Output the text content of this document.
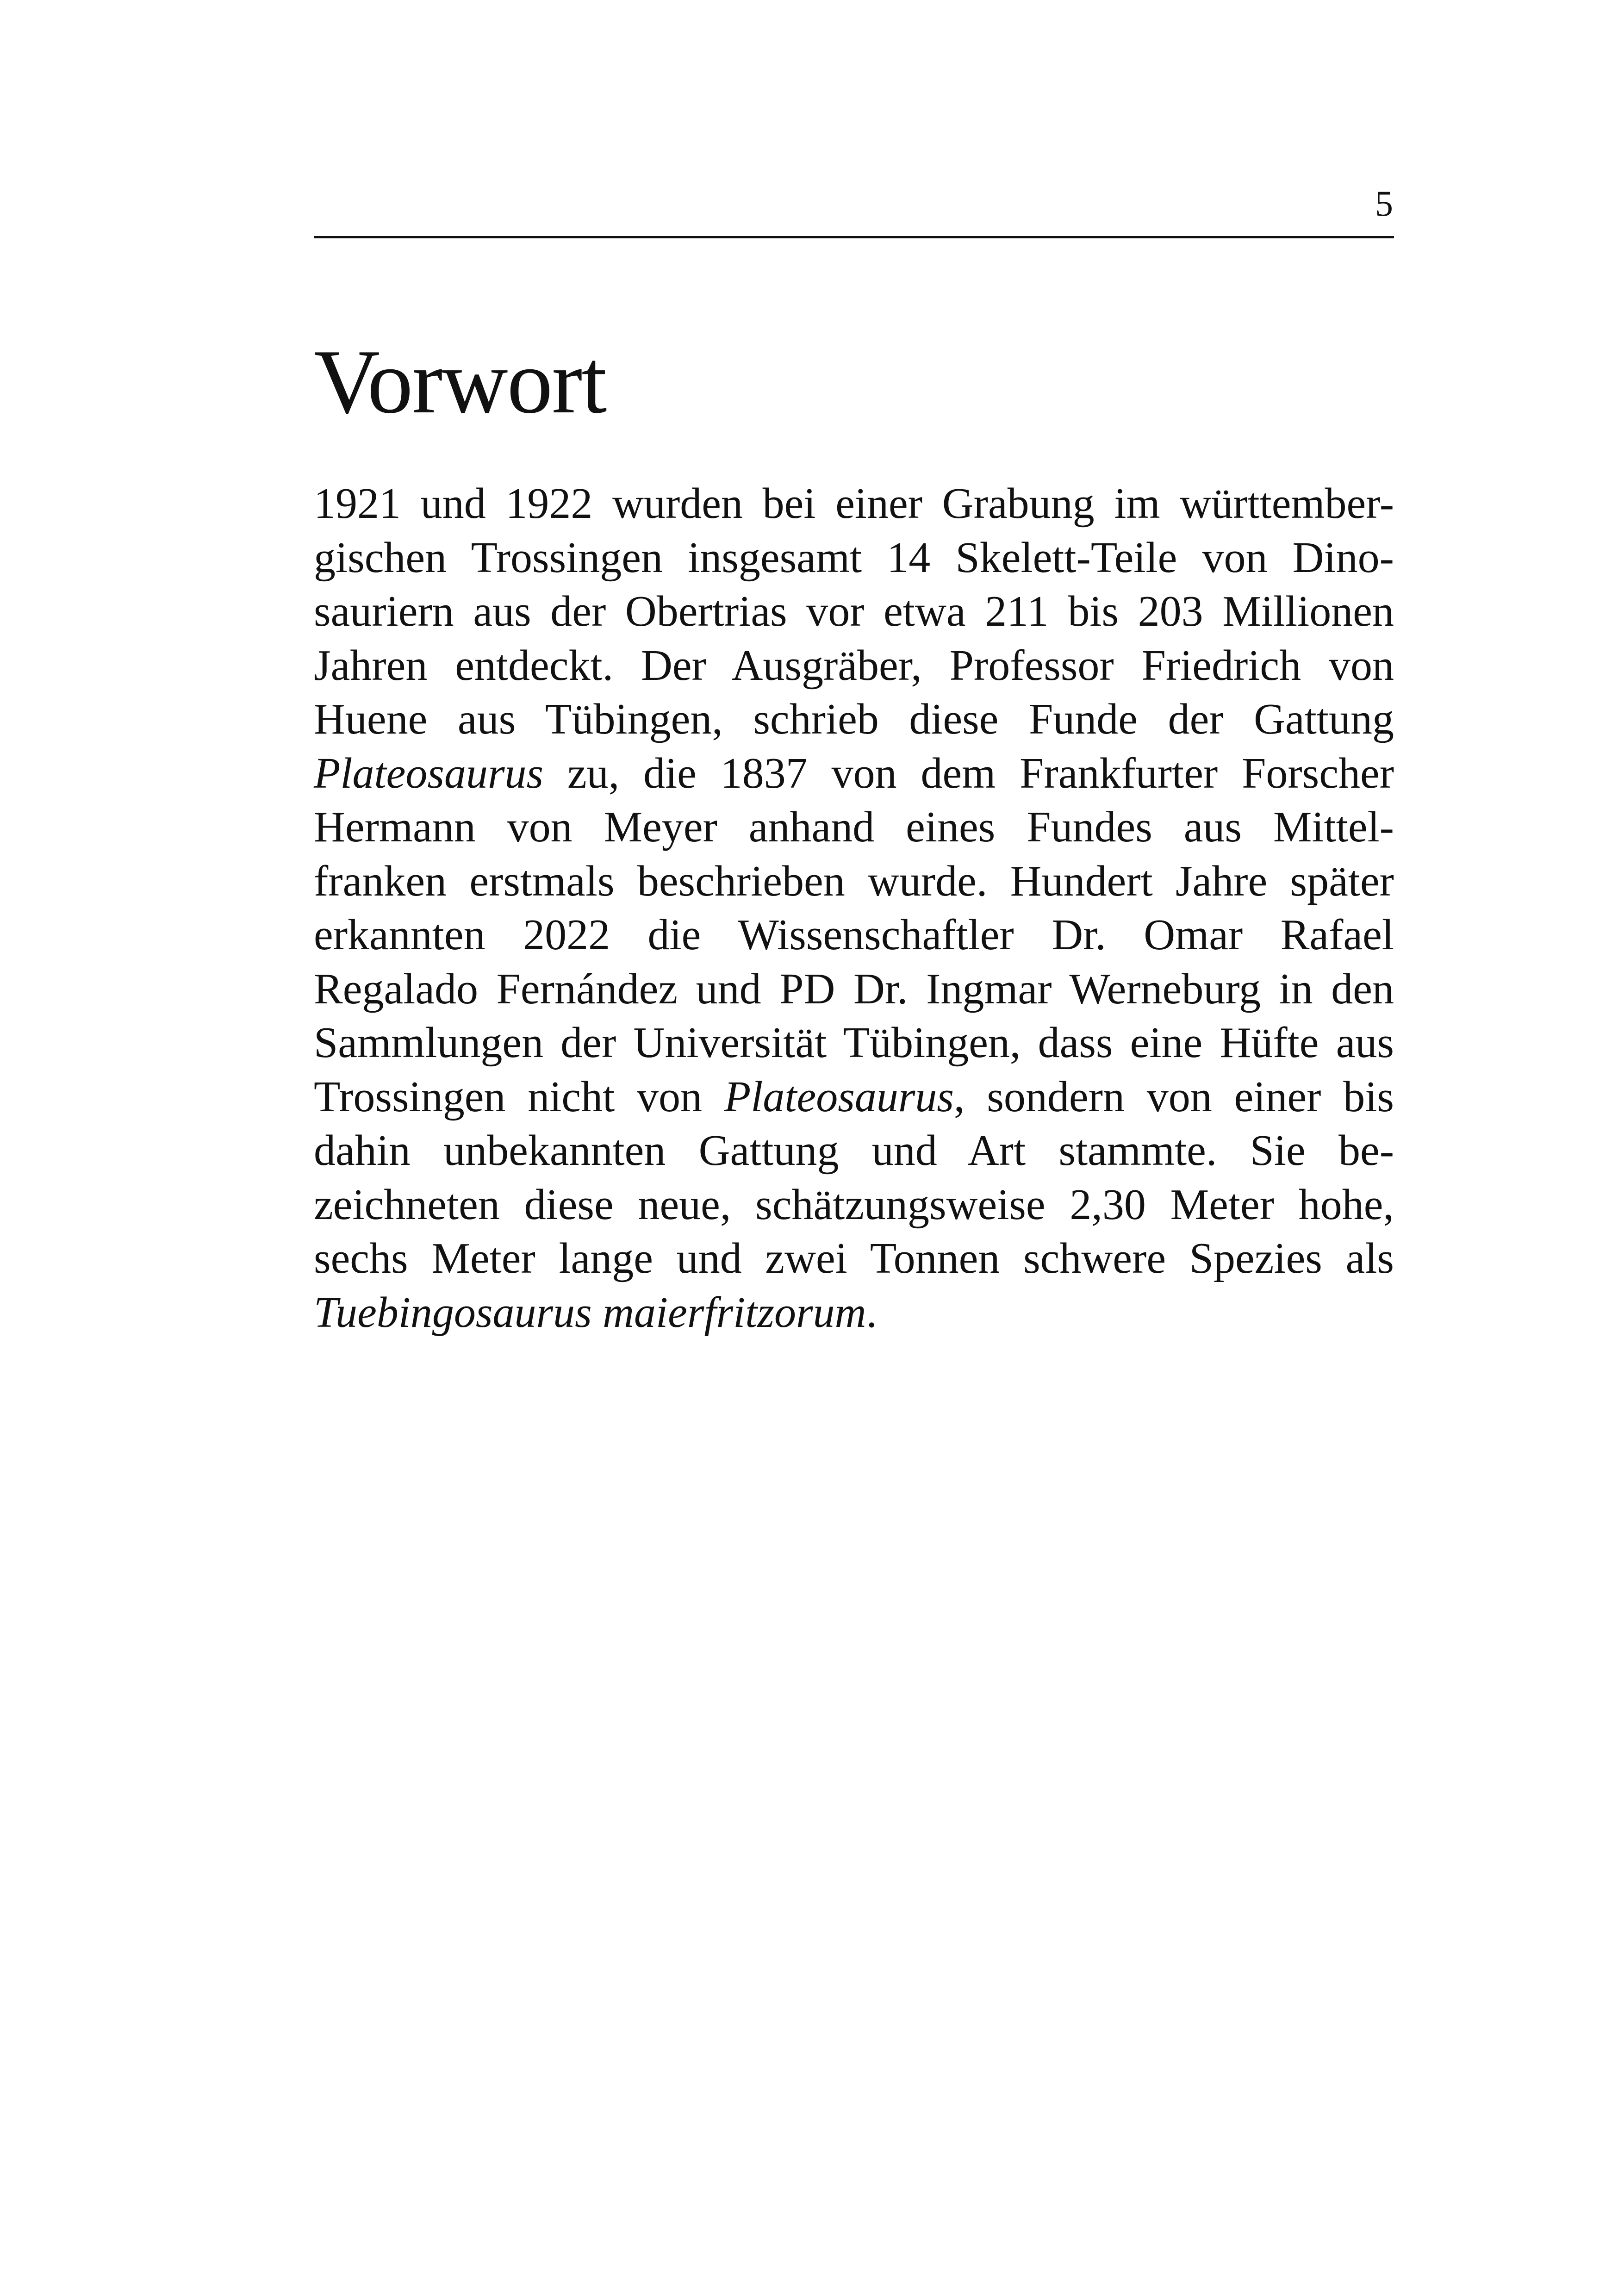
5
Vorwort
1921 und 1922 wurden bei einer Grabung im württember-
gischen Trossingen insgesamt 14 Skelett-Teile von Dino-
sauriern aus der Obertrias vor etwa 211 bis 203 Millionen
Jahren entdeckt. Der Ausgräber, Professor Friedrich von
Huene aus Tübingen, schrieb diese Funde der Gattung
Plateosaurus zu, die 1837 von dem Frankfurter Forscher
Hermann von Meyer anhand eines Fundes aus Mittel-
franken erstmals beschrieben wurde. Hundert Jahre später
erkannten 2022 die Wissenschaftler Dr. Omar Rafael
Regalado Fernández und PD Dr. Ingmar Werneburg in den
Sammlungen der Universität Tübingen, dass eine Hüfte aus
Trossingen nicht von Plateosaurus, sondern von einer bis
dahin unbekannten Gattung und Art stammte. Sie be-
zeichneten diese neue, schätzungsweise 2,30 Meter hohe,
sechs Meter lange und zwei Tonnen schwere Spezies als
Tuebingosaurus maierfritzorum.
